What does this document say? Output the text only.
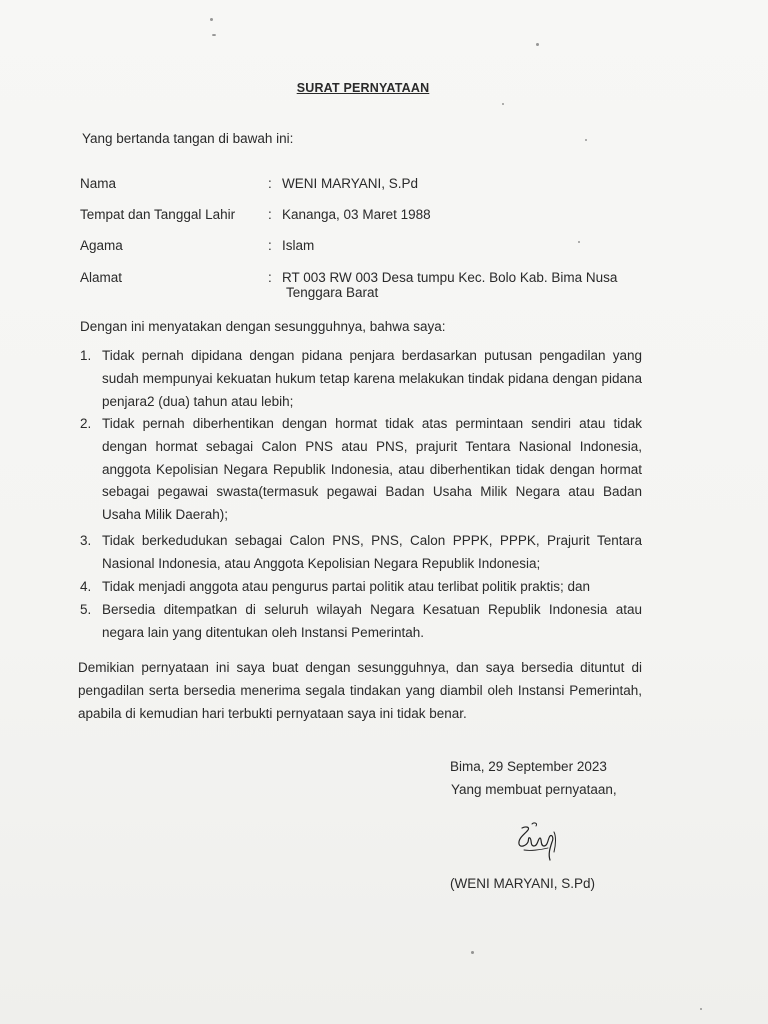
SURAT PERNYATAAN
Yang bertanda tangan di bawah ini:
Nama	: WENI MARYANI, S.Pd
Tempat dan Tanggal Lahir : Kananga, 03 Maret 1988
Agama	: Islam
Alamat	: RT 003 RW 003 Desa tumpu Kec. Bolo Kab. Bima Nusa
Tenggara Barat
Dengan ini menyatakan dengan sesungguhnya, bahwa saya:
1. Tidak pernah dipidana dengan pidana penjara berdasarkan putusan pengadilan yang sudah mempunyai kekuatan hukum tetap karena melakukan tindak pidana dengan pidana penjara2 (dua) tahun atau lebih;
2. Tidak pernah diberhentikan dengan hormat tidak atas permintaan sendiri atau tidak dengan hormat sebagai Calon PNS atau PNS, prajurit Tentara Nasional Indonesia, anggota Kepolisian Negara Republik Indonesia, atau diberhentikan tidak dengan hormat sebagai pegawai swasta(termasuk pegawai Badan Usaha Milik Negara atau Badan Usaha Milik Daerah);
3. Tidak berkedudukan sebagai Calon PNS, PNS, Calon PPPK, PPPK, Prajurit Tentara Nasional Indonesia, atau Anggota Kepolisian Negara Republik Indonesia;
4. Tidak menjadi anggota atau pengurus partai politik atau terlibat politik praktis; dan
5. Bersedia ditempatkan di seluruh wilayah Negara Kesatuan Republik Indonesia atau negara lain yang ditentukan oleh Instansi Pemerintah.
Demikian pernyataan ini saya buat dengan sesungguhnya, dan saya bersedia dituntut di pengadilan serta bersedia menerima segala tindakan yang diambil oleh Instansi Pemerintah, apabila di kemudian hari terbukti pernyataan saya ini tidak benar.
Bima, 29 September 2023
Yang membuat pernyataan,
(WENI MARYANI, S.Pd)
